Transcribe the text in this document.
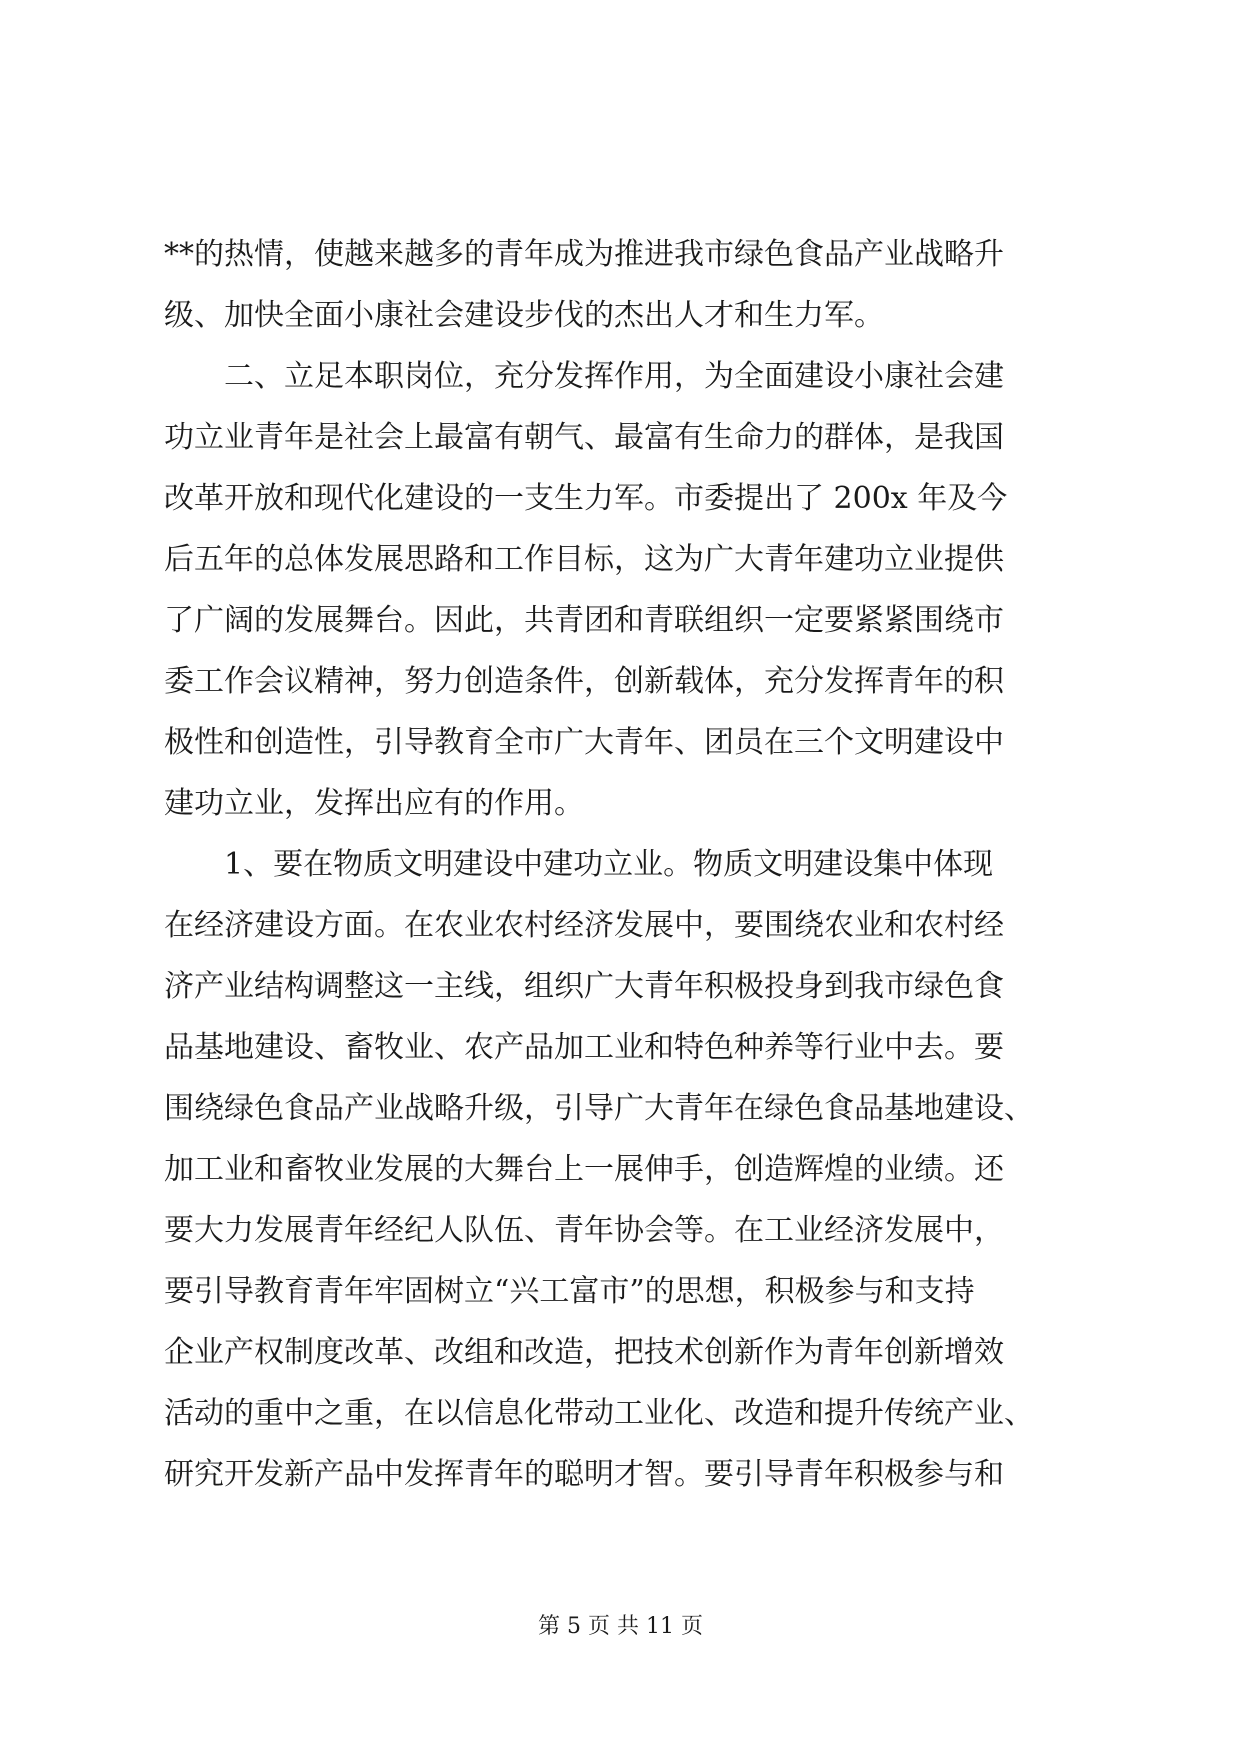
**的热情，使越来越多的青年成为推进我市绿色食品产业战略升
级、加快全面小康社会建设步伐的杰出人才和生力军。
　　二、立足本职岗位，充分发挥作用，为全面建设小康社会建
功立业青年是社会上最富有朝气、最富有生命力的群体，是我国
改革开放和现代化建设的一支生力军。市委提出了 200x 年及今
后五年的总体发展思路和工作目标，这为广大青年建功立业提供
了广阔的发展舞台。因此，共青团和青联组织一定要紧紧围绕市
委工作会议精神，努力创造条件，创新载体，充分发挥青年的积
极性和创造性，引导教育全市广大青年、团员在三个文明建设中
建功立业，发挥出应有的作用。
　　1、要在物质文明建设中建功立业。物质文明建设集中体现
在经济建设方面。在农业农村经济发展中，要围绕农业和农村经
济产业结构调整这一主线，组织广大青年积极投身到我市绿色食
品基地建设、畜牧业、农产品加工业和特色种养等行业中去。要
围绕绿色食品产业战略升级，引导广大青年在绿色食品基地建设、
加工业和畜牧业发展的大舞台上一展伸手，创造辉煌的业绩。还
要大力发展青年经纪人队伍、青年协会等。在工业经济发展中，
要引导教育青年牢固树立“兴工富市”的思想，积极参与和支持
企业产权制度改革、改组和改造，把技术创新作为青年创新增效
活动的重中之重，在以信息化带动工业化、改造和提升传统产业、
研究开发新产品中发挥青年的聪明才智。要引导青年积极参与和
第 5 页 共 11 页
